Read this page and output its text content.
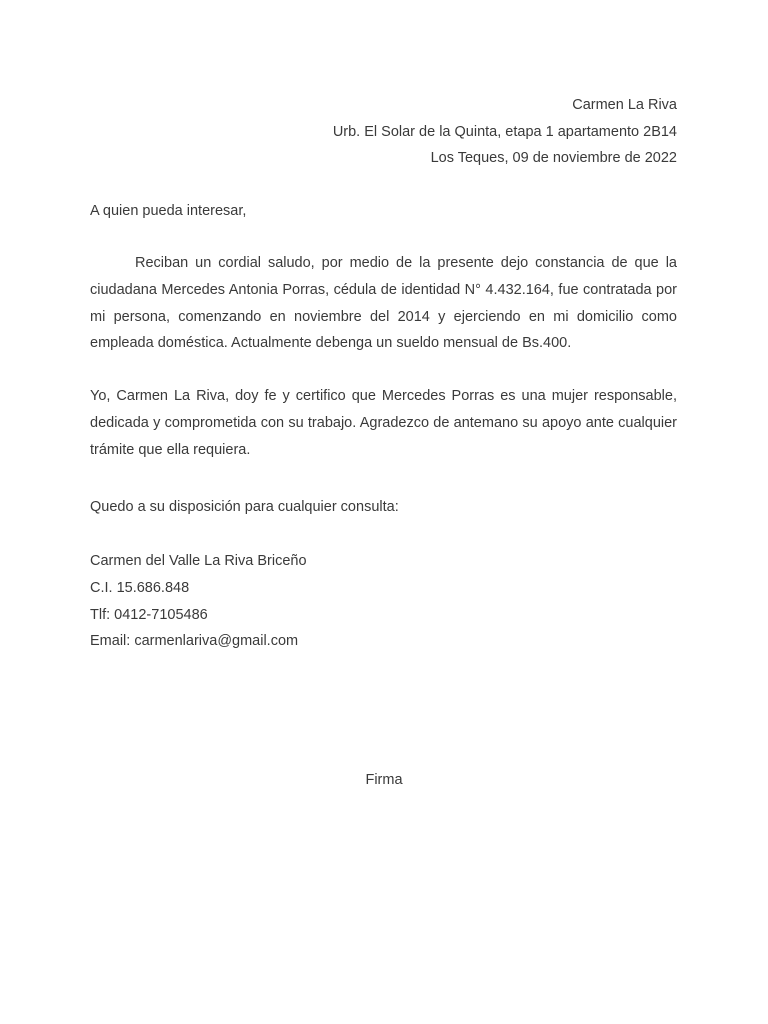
Carmen La Riva
Urb. El Solar de la Quinta, etapa 1 apartamento 2B14
Los Teques, 09 de noviembre de 2022
A quien pueda interesar,
Reciban un cordial saludo, por medio de la presente dejo constancia de que la ciudadana Mercedes Antonia Porras, cédula de identidad N° 4.432.164, fue contratada por mi persona, comenzando en noviembre del 2014 y ejerciendo en mi domicilio como empleada doméstica. Actualmente debenga un sueldo mensual de Bs.400.
Yo, Carmen La Riva, doy fe y certifico que Mercedes Porras es una mujer responsable, dedicada y comprometida con su trabajo. Agradezco de antemano su apoyo ante cualquier trámite que ella requiera.
Quedo a su disposición para cualquier consulta:
Carmen del Valle La Riva Briceño
C.I. 15.686.848
Tlf: 0412-7105486
Email: carmenlariva@gmail.com
Firma
